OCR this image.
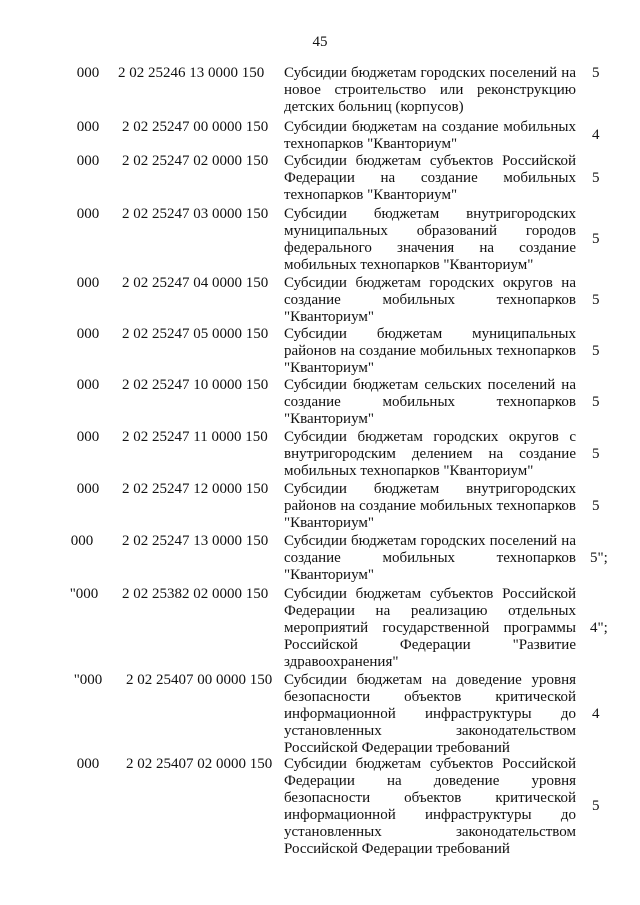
45
000	2 02 25246 13 0000 150 Субсидии бюджетам городских поселений на
новое строительство или реконструкцию
детских больниц (корпусов)
5
000	2 02 25247 00 0000 150 Субсидии бюджетам на создание мобильных
технопарков "Кванториум"
4
000	2 02 25247 02 0000 150 Субсидии бюджетам субъектов Российской
Федерации на создание мобильных
технопарков "Кванториум"
5
000	2 02 25247 03 0000 150 Субсидии бюджетам внутригородских
муниципальных образований городов
федерального значения на создание
мобильных технопарков "Кванториум"
5
000	2 02 25247 04 0000 150 Субсидии бюджетам городских округов на
создание мобильных технопарков
"Кванториум"
5
000	2 02 25247 05 0000 150 Субсидии бюджетам муниципальных
районов на создание мобильных технопарков
"Кванториум"
5
000	2 02 25247 10 0000 150 Субсидии бюджетам сельских поселений на
создание мобильных технопарков
"Кванториум"
5
000	2 02 25247 11 0000 150 Субсидии бюджетам городских округов с
внутригородским делением на создание
мобильных технопарков "Кванториум"
5
000	2 02 25247 12 0000 150 Субсидии бюджетам внутригородских
районов на создание мобильных технопарков
"Кванториум"
5
000	2 02 25247 13 0000 150 Субсидии бюджетам городских поселений на
создание мобильных технопарков
"Кванториум"
5";
"000	2 02 25382 02 0000 150 Субсидии бюджетам субъектов Российской
Федерации на реализацию отдельных
мероприятий государственной программы
Российской Федерации "Развитие
здравоохранения"
4";
"000	2 02 25407 00 0000 150 Субсидии бюджетам на доведение уровня
безопасности объектов критической
информационной инфраструктуры до
установленных законодательством
Российской Федерации требований
4
000	2 02 25407 02 0000 150 Субсидии бюджетам субъектов Российской
Федерации на доведение уровня
безопасности объектов критической
информационной инфраструктуры до
установленных законодательством
Российской Федерации требований
5
